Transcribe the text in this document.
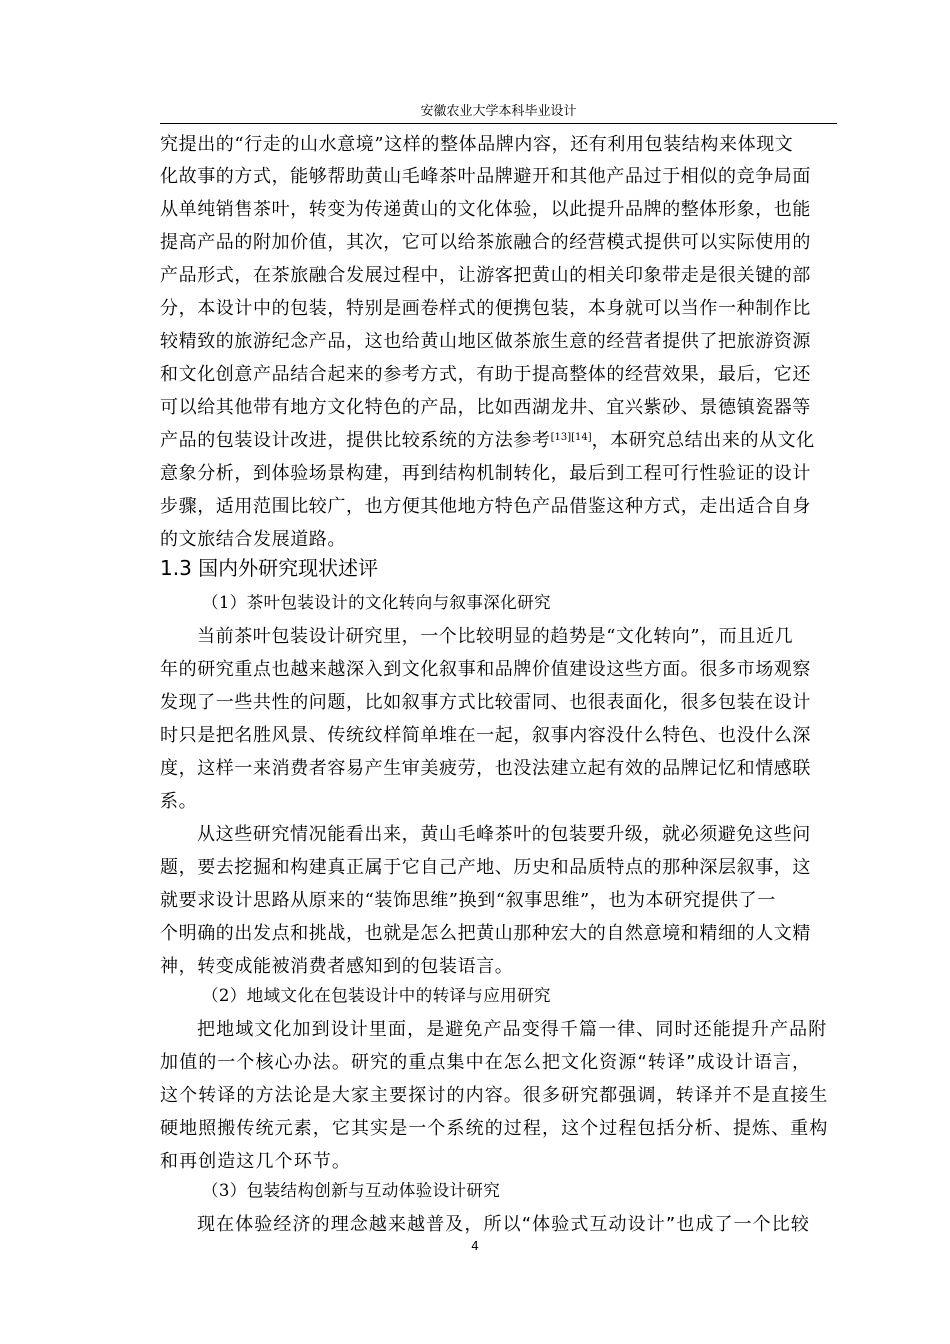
安徽农业大学本科毕业设计
究提出的“行走的山水意境”这样的整体品牌内容，还有利用包装结构来体现文
化故事的方式，能够帮助黄山毛峰茶叶品牌避开和其他产品过于相似的竞争局面
从单纯销售茶叶，转变为传递黄山的文化体验，以此提升品牌的整体形象，也能
提高产品的附加价值，其次，它可以给茶旅融合的经营模式提供可以实际使用的
产品形式，在茶旅融合发展过程中，让游客把黄山的相关印象带走是很关键的部
分，本设计中的包装，特别是画卷样式的便携包装，本身就可以当作一种制作比
较精致的旅游纪念产品，这也给黄山地区做茶旅生意的经营者提供了把旅游资源
和文化创意产品结合起来的参考方式，有助于提高整体的经营效果，最后，它还
可以给其他带有地方文化特色的产品，比如西湖龙井、宜兴紫砂、景德镇瓷器等
产品的包装设计改进，提供比较系统的方法参考[13][14]，本研究总结出来的从文化
意象分析，到体验场景构建，再到结构机制转化，最后到工程可行性验证的设计
步骤，适用范围比较广，也方便其他地方特色产品借鉴这种方式，走出适合自身
的文旅结合发展道路。
1.3 国内外研究现状述评
（1）茶叶包装设计的文化转向与叙事深化研究
当前茶叶包装设计研究里，一个比较明显的趋势是“文化转向”，而且近几
年的研究重点也越来越深入到文化叙事和品牌价值建设这些方面。很多市场观察
发现了一些共性的问题，比如叙事方式比较雷同、也很表面化，很多包装在设计
时只是把名胜风景、传统纹样简单堆在一起，叙事内容没什么特色、也没什么深
度，这样一来消费者容易产生审美疲劳，也没法建立起有效的品牌记忆和情感联
系。
从这些研究情况能看出来，黄山毛峰茶叶的包装要升级，就必须避免这些问
题，要去挖掘和构建真正属于它自己产地、历史和品质特点的那种深层叙事，这
就要求设计思路从原来的“装饰思维”换到“叙事思维”，也为本研究提供了一
个明确的出发点和挑战，也就是怎么把黄山那种宏大的自然意境和精细的人文精
神，转变成能被消费者感知到的包装语言。
（2）地域文化在包装设计中的转译与应用研究
把地域文化加到设计里面，是避免产品变得千篇一律、同时还能提升产品附
加值的一个核心办法。研究的重点集中在怎么把文化资源“转译”成设计语言，
这个转译的方法论是大家主要探讨的内容。很多研究都强调，转译并不是直接生
硬地照搬传统元素，它其实是一个系统的过程，这个过程包括分析、提炼、重构
和再创造这几个环节。
（3）包装结构创新与互动体验设计研究
现在体验经济的理念越来越普及，所以“体验式互动设计”也成了一个比较
4
